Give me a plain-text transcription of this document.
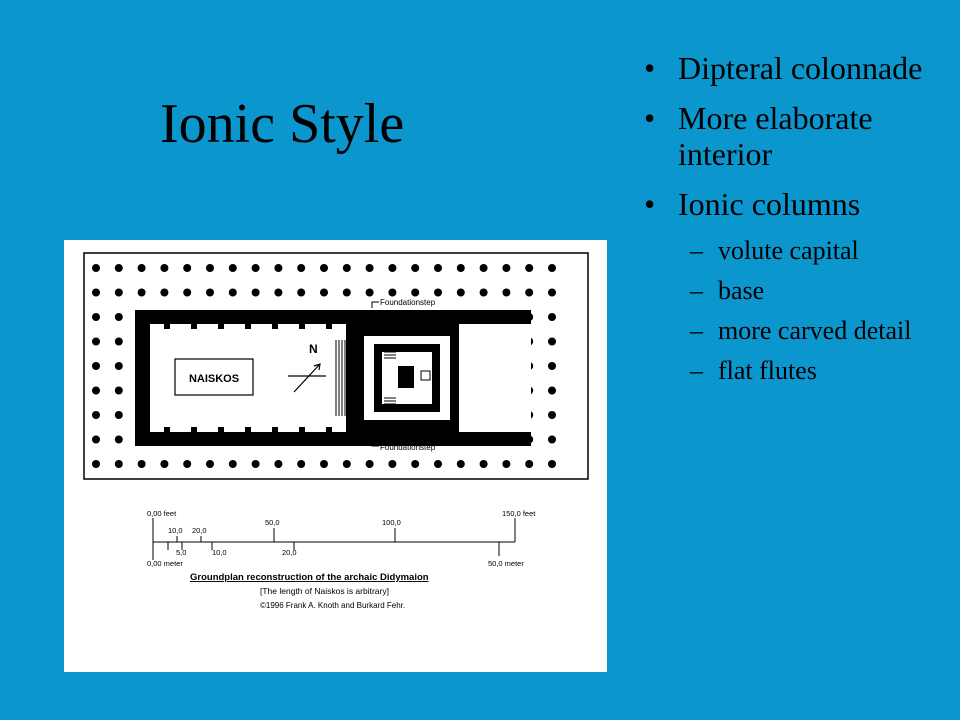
Ionic Style
NAISKOS
N
Foundationstep
Foundationstep
0,00 feet	150,0 feet
10,0 20,0
50,0	100,0
5,0	10,0	20,0
0,00 meter	50,0 meter
Groundplan reconstruction of the archaic Didymaion
[The length of Naiskos is arbitrary]
©1996 Frank A. Knoth and Burkard Fehr.
• Dipteral colonnade
• More elaborate interior
• Ionic columns
– volute capital
– base
– more carved detail
– flat flutes
